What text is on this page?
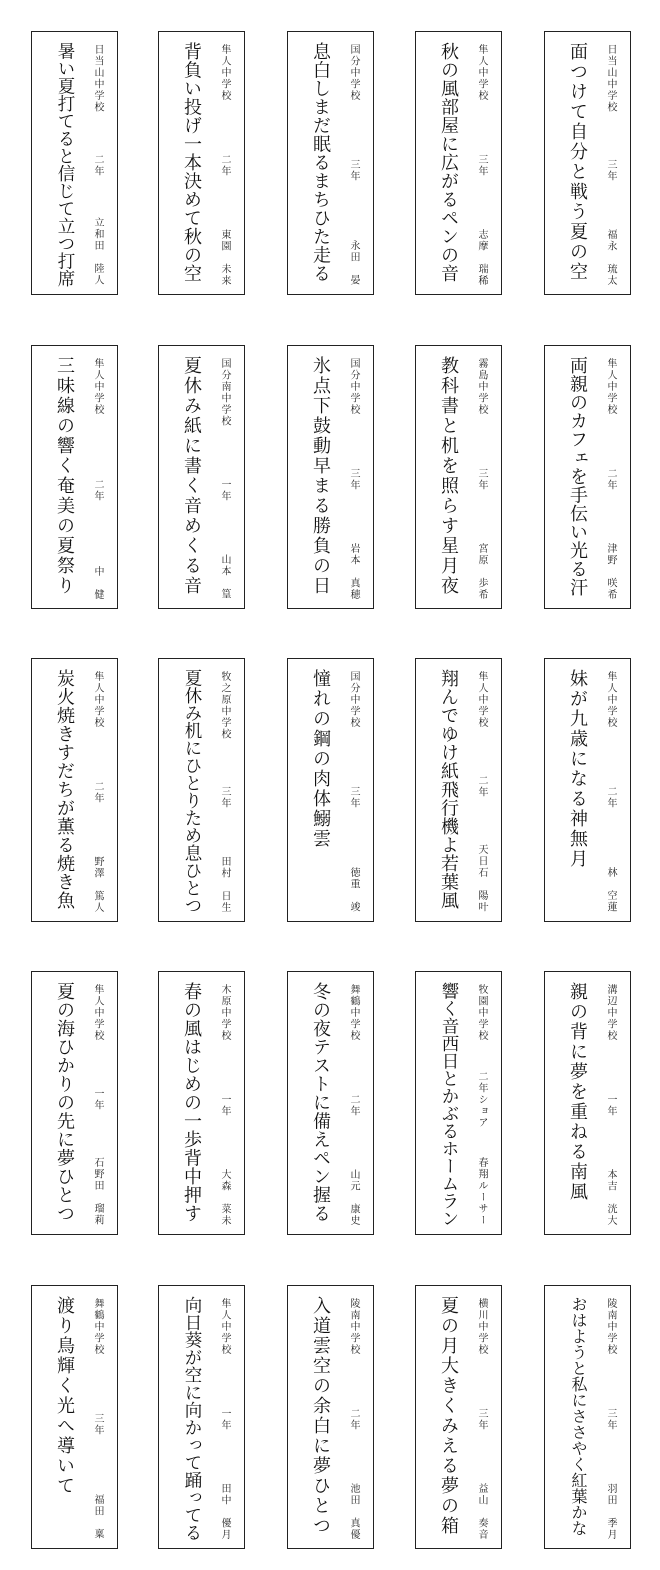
面つけて自分と戦う夏の空 日当山中学校
三年
福永　琉太
秋の風部屋に広がるペンの音 隼人中学校
三年
志摩　瑞稀
息白しまだ眠るまちひた走る 国分中学校
三年
永田　晏
背負い投げ一本決めて秋の空 隼人中学校
二年
東園　未来
暑い夏打てると信じて立つ打席 日当山中学校
二年
立和田　陸人
両親のカフェを手伝い光る汗 隼人中学校
二年
津野　咲希
教科書と机を照らす星月夜 霧島中学校
三年
宮原　歩希
氷点下鼓動早まる勝負の日 国分中学校
三年
岩本　真穂
夏休み紙に書く音めくる音 国分南中学校
一年
山本　篁
三味線の響く奄美の夏祭り 隼人中学校
二年
中　健
妹が九歳になる神無月 隼人中学校
二年
林　空蓮
翔んでゆけ紙飛行機よ若葉風 隼人中学校
二年
天日石　陽叶
憧れの鋼の肉体鰯雲 国分中学校
三年
徳重　竣
夏休み机にひとりため息ひとつ 牧之原中学校
三年
田村　日生
炭火焼きすだちが薫る焼き魚 隼人中学校
二年
野澤　篤人
親の背に夢を重ねる南風 溝辺中学校
一年
本吉　洸大
響く音西日とかぶるホームラン 牧園中学校
二年ショア
春翔ルーサー
冬の夜テストに備えペン握る 舞鶴中学校
二年
山元　康史
春の風はじめの一歩背中押す 木原中学校
一年
大森　菜未
夏の海ひかりの先に夢ひとつ 隼人中学校
一年
石野田　瑠莉
おはようと私にささやく紅葉かな 陵南中学校
三年
羽田　季月
夏の月大きくみえる夢の箱 横川中学校
三年
益山　奏音
入道雲空の余白に夢ひとつ 陵南中学校
二年
池田　真優
向日葵が空に向かって踊ってる 隼人中学校
一年
田中　優月
渡り鳥輝く光へ導いて 舞鶴中学校
三年
福田　稟
